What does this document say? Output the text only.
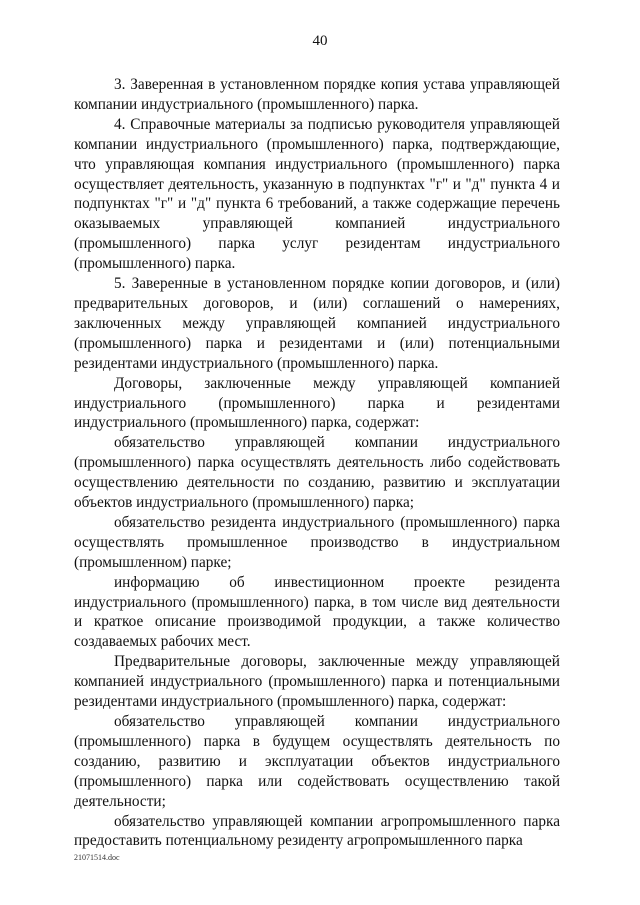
40

3. Заверенная в установленном порядке копия устава управляющей компании индустриального (промышленного) парка.

4. Справочные материалы за подписью руководителя управляющей компании индустриального (промышленного) парка, подтверждающие, что управляющая компания индустриального (промышленного) парка осуществляет деятельность, указанную в подпунктах "г" и "д" пункта 4 и подпунктах "г" и "д" пункта 6 требований, а также содержащие перечень оказываемых управляющей компанией индустриального (промышленного) парка услуг резидентам индустриального (промышленного) парка.

5. Заверенные в установленном порядке копии договоров, и (или) предварительных договоров, и (или) соглашений о намерениях, заключенных между управляющей компанией индустриального (промышленного) парка и резидентами и (или) потенциальными резидентами индустриального (промышленного) парка.

Договоры, заключенные между управляющей компанией индустриального (промышленного) парка и резидентами индустриального (промышленного) парка, содержат:

обязательство управляющей компании индустриального (промышленного) парка осуществлять деятельность либо содействовать осуществлению деятельности по созданию, развитию и эксплуатации объектов индустриального (промышленного) парка;

обязательство резидента индустриального (промышленного) парка осуществлять промышленное производство в индустриальном (промышленном) парке;

информацию об инвестиционном проекте резидента индустриального (промышленного) парка, в том числе вид деятельности и краткое описание производимой продукции, а также количество создаваемых рабочих мест.

Предварительные договоры, заключенные между управляющей компанией индустриального (промышленного) парка и потенциальными резидентами индустриального (промышленного) парка, содержат:

обязательство управляющей компании индустриального (промышленного) парка в будущем осуществлять деятельность по созданию, развитию и эксплуатации объектов индустриального (промышленного) парка или содействовать осуществлению такой деятельности;

обязательство управляющей компании агропромышленного парка предоставить потенциальному резиденту агропромышленного парка

21071514.doc
